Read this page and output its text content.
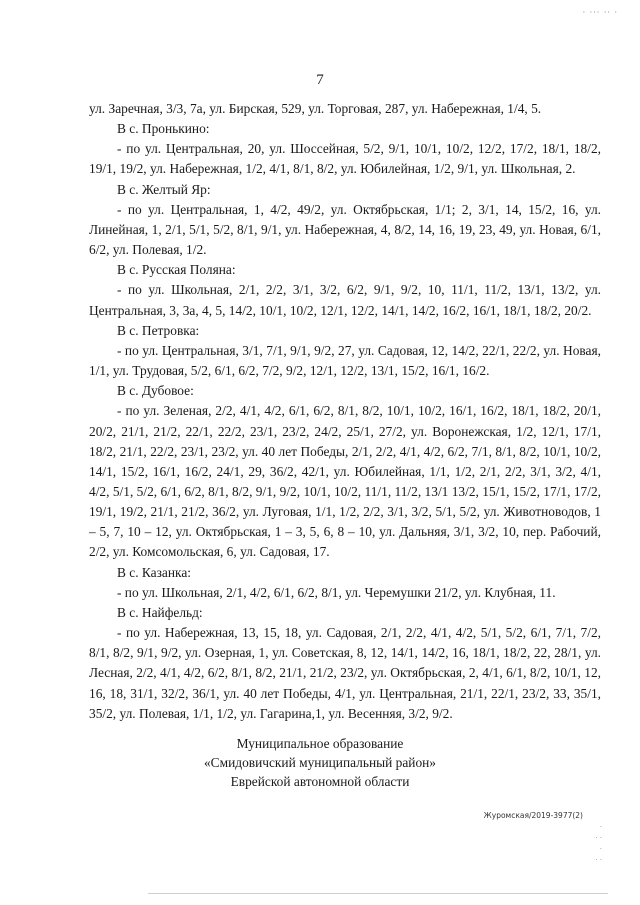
· ··· ·· ·
7

ул. Заречная, 3/3, 7а, ул. Бирская, 529, ул. Торговая, 287, ул. Набережная, 1/4, 5.

В с. Пронькино:

- по ул. Центральная, 20, ул. Шоссейная, 5/2, 9/1, 10/1, 10/2, 12/2, 17/2, 18/1, 18/2, 19/1, 19/2, ул. Набережная, 1/2, 4/1, 8/1, 8/2, ул. Юбилейная, 1/2, 9/1, ул. Школьная, 2.

В с. Желтый Яр:

- по ул. Центральная, 1, 4/2, 49/2, ул. Октябрьская, 1/1; 2, 3/1, 14, 15/2, 16, ул. Линейная, 1, 2/1, 5/1, 5/2, 8/1, 9/1, ул. Набережная, 4, 8/2, 14, 16, 19, 23, 49, ул. Новая, 6/1, 6/2, ул. Полевая, 1/2.

В с. Русская Поляна:

- по ул. Школьная, 2/1, 2/2, 3/1, 3/2, 6/2, 9/1, 9/2, 10, 11/1, 11/2, 13/1, 13/2, ул. Центральная, 3, 3а, 4, 5, 14/2, 10/1, 10/2, 12/1, 12/2, 14/1, 14/2, 16/2, 16/1, 18/1, 18/2, 20/2.

В с. Петровка:

- по ул. Центральная, 3/1, 7/1, 9/1, 9/2, 27, ул. Садовая, 12, 14/2, 22/1, 22/2, ул. Новая, 1/1, ул. Трудовая, 5/2, 6/1, 6/2, 7/2, 9/2, 12/1, 12/2, 13/1, 15/2, 16/1, 16/2.

В с. Дубовое:

- по ул. Зеленая, 2/2, 4/1, 4/2, 6/1, 6/2, 8/1, 8/2, 10/1, 10/2, 16/1, 16/2, 18/1, 18/2, 20/1, 20/2, 21/1, 21/2, 22/1, 22/2, 23/1, 23/2, 24/2, 25/1, 27/2, ул. Воронежская, 1/2, 12/1, 17/1, 18/2, 21/1, 22/2, 23/1, 23/2, ул. 40 лет Победы, 2/1, 2/2, 4/1, 4/2, 6/2, 7/1, 8/1, 8/2, 10/1, 10/2, 14/1, 15/2, 16/1, 16/2, 24/1, 29, 36/2, 42/1, ул. Юбилейная, 1/1, 1/2, 2/1, 2/2, 3/1, 3/2, 4/1, 4/2, 5/1, 5/2, 6/1, 6/2, 8/1, 8/2, 9/1, 9/2, 10/1, 10/2, 11/1, 11/2, 13/1 13/2, 15/1, 15/2, 17/1, 17/2, 19/1, 19/2, 21/1, 21/2, 36/2, ул. Луговая, 1/1, 1/2, 2/2, 3/1, 3/2, 5/1, 5/2, ул. Животноводов, 1 – 5, 7, 10 – 12, ул. Октябрьская, 1 – 3, 5, 6, 8 – 10, ул. Дальняя, 3/1, 3/2, 10, пер. Рабочий, 2/2, ул. Комсомольская, 6, ул. Садовая, 17.

В с. Казанка:

- по ул. Школьная, 2/1, 4/2, 6/1, 6/2, 8/1, ул. Черемушки 21/2, ул. Клубная, 11.

В с. Найфельд:

- по ул. Набережная, 13, 15, 18, ул. Садовая, 2/1, 2/2, 4/1, 4/2, 5/1, 5/2, 6/1, 7/1, 7/2, 8/1, 8/2, 9/1, 9/2, ул. Озерная, 1, ул. Советская, 8, 12, 14/1, 14/2, 16, 18/1, 18/2, 22, 28/1, ул. Лесная, 2/2, 4/1, 4/2, 6/2, 8/1, 8/2, 21/1, 21/2, 23/2, ул. Октябрьская, 2, 4/1, 6/1, 8/2, 10/1, 12, 16, 18, 31/1, 32/2, 36/1, ул. 40 лет Победы, 4/1, ул. Центральная, 21/1, 22/1, 23/2, 33, 35/1, 35/2, ул. Полевая, 1/1, 1/2, ул. Гагарина,1, ул. Весенняя, 3/2, 9/2.

Муниципальное образование
«Смидовичский муниципальный район»
Еврейской автономной области
Журомская/2019-3977(2)
·
· ·
·
· ·
